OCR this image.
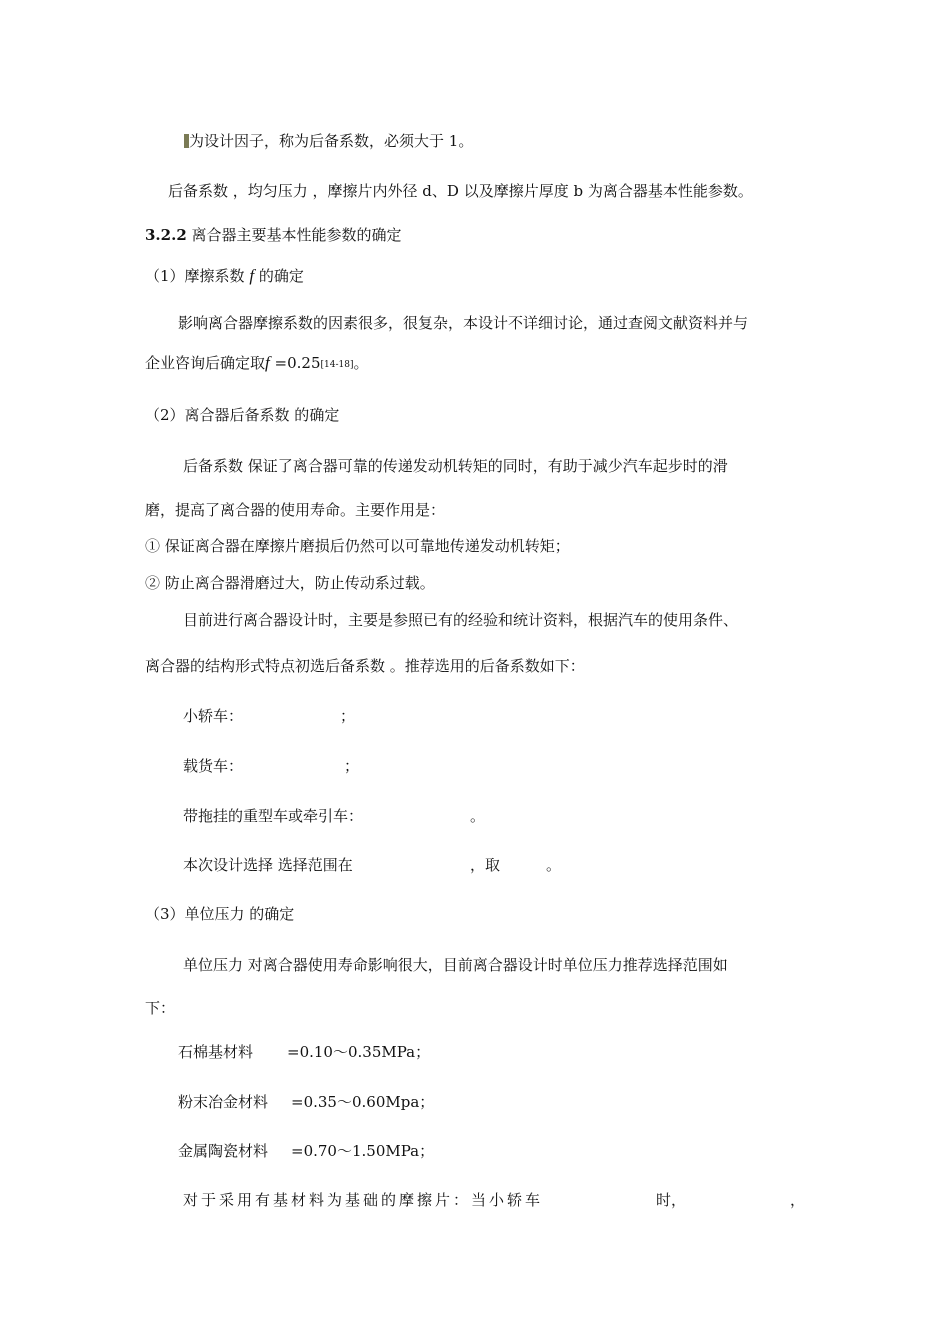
为设计因子，称为后备系数，必须大于 1。
后备系数 ，均匀压力 ，摩擦片内外径 d、D 以及摩擦片厚度 b 为离合器基本性能参数。
3.2.2 离合器主要基本性能参数的确定
（1）摩擦系数 f 的确定
影响离合器摩擦系数的因素很多，很复杂，本设计不详细讨论，通过查阅文献资料并与
企业咨询后确定取f =0.25[14-18]。
（2）离合器后备系数 的确定
后备系数 保证了离合器可靠的传递发动机转矩的同时，有助于减少汽车起步时的滑
磨，提高了离合器的使用寿命。主要作用是：
① 保证离合器在摩擦片磨损后仍然可以可靠地传递发动机转矩；
② 防止离合器滑磨过大，防止传动系过载。
目前进行离合器设计时，主要是参照已有的经验和统计资料，根据汽车的使用条件、
离合器的结构形式特点初选后备系数 。推荐选用的后备系数如下：
小轿车：	；
载货车：	；
带拖挂的重型车或牵引车：	。
本次设计选择 选择范围在	，取	。
（3）单位压力 的确定
单位压力 对离合器使用寿命影响很大，目前离合器设计时单位压力推荐选择范围如
下：
石棉基材料 =0.10～0.35MPa；
粉末冶金材料 =0.35～0.60Mpa；
金属陶瓷材料 =0.70～1.50MPa；
对于采用有基材料为基础的摩擦片：当小轿车	时，	，
